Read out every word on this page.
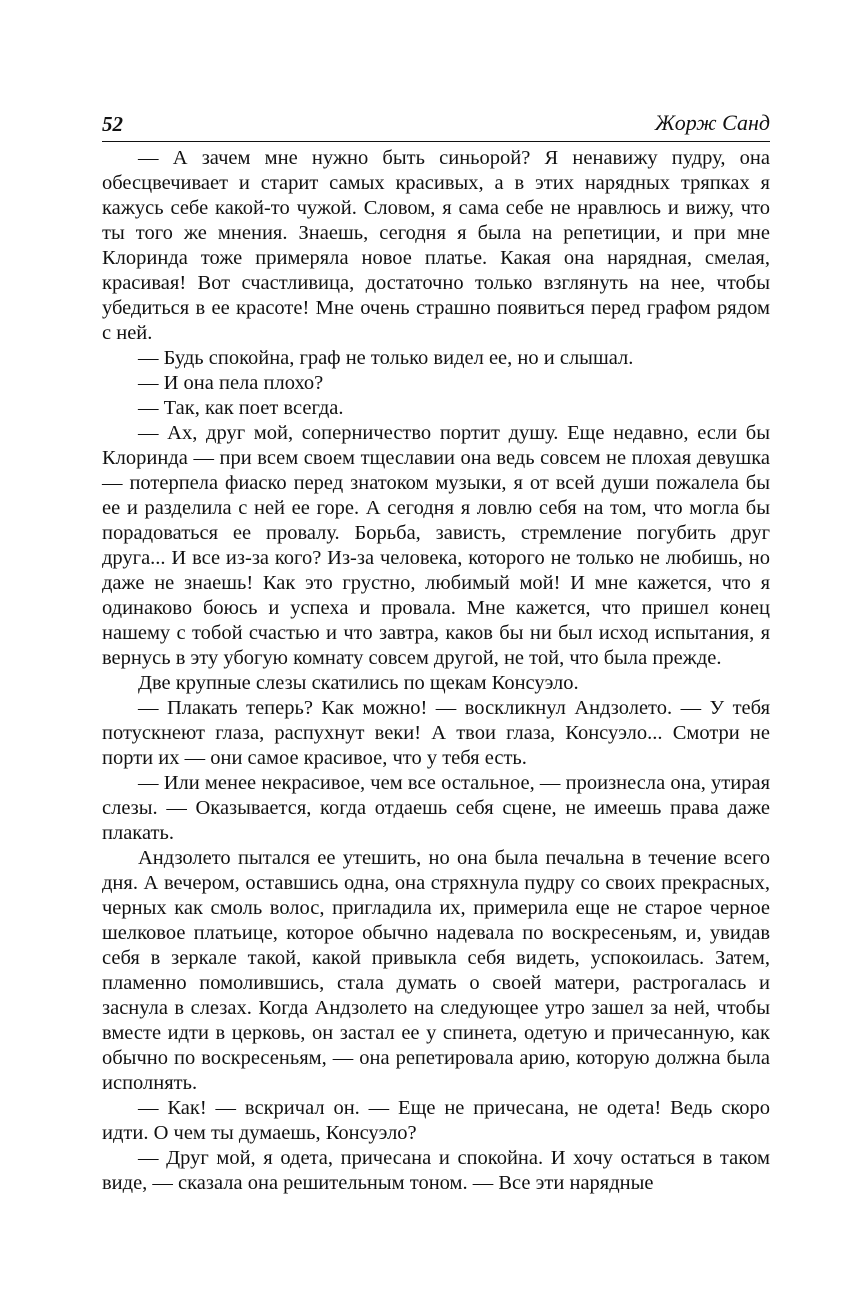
52	Жорж Санд

— А зачем мне нужно быть синьорой? Я ненавижу пудру, она обесцвечивает и старит самых красивых, а в этих нарядных тряпках я кажусь себе какой-то чужой. Словом, я сама себе не нравлюсь и вижу, что ты того же мнения. Знаешь, сегодня я была на репетиции, и при мне Клоринда тоже примеряла новое платье. Какая она нарядная, смелая, красивая! Вот счастливица, достаточно только взглянуть на нее, чтобы убедиться в ее красоте! Мне очень страшно появиться перед графом рядом с ней.

— Будь спокойна, граф не только видел ее, но и слышал.

— И она пела плохо?

— Так, как поет всегда.

— Ах, друг мой, соперничество портит душу. Еще недавно, если бы Клоринда — при всем своем тщеславии она ведь совсем не плохая девушка — потерпела фиаско перед знатоком музыки, я от всей души пожалела бы ее и разделила с ней ее горе. А сегодня я ловлю себя на том, что могла бы порадоваться ее провалу. Борьба, зависть, стремление погубить друг друга... И все из-за кого? Из-за человека, которого не только не любишь, но даже не знаешь! Как это грустно, любимый мой! И мне кажется, что я одинаково боюсь и успеха и провала. Мне кажется, что пришел конец нашему с тобой счастью и что завтра, каков бы ни был исход испытания, я вернусь в эту убогую комнату совсем другой, не той, что была прежде.

Две крупные слезы скатились по щекам Консуэло.

— Плакать теперь? Как можно! — воскликнул Андзолето. — У тебя потускнеют глаза, распухнут веки! А твои глаза, Консуэло... Смотри не порти их — они самое красивое, что у тебя есть.

— Или менее некрасивое, чем все остальное, — произнесла она, утирая слезы. — Оказывается, когда отдаешь себя сцене, не имеешь права даже плакать.

Андзолето пытался ее утешить, но она была печальна в течение всего дня. А вечером, оставшись одна, она стряхнула пудру со своих прекрасных, черных как смоль волос, пригладила их, примерила еще не старое черное шелковое платьице, которое обычно надевала по воскресеньям, и, увидав себя в зеркале такой, какой привыкла себя видеть, успокоилась. Затем, пламенно помолившись, стала думать о своей матери, растрогалась и заснула в слезах. Когда Андзолето на следующее утро зашел за ней, чтобы вместе идти в церковь, он застал ее у спинета, одетую и причесанную, как обычно по воскресеньям, — она репетировала арию, которую должна была исполнять.

— Как! — вскричал он. — Еще не причесана, не одета! Ведь скоро идти. О чем ты думаешь, Консуэло?

— Друг мой, я одета, причесана и спокойна. И хочу остаться в таком виде, — сказала она решительным тоном. — Все эти нарядные
